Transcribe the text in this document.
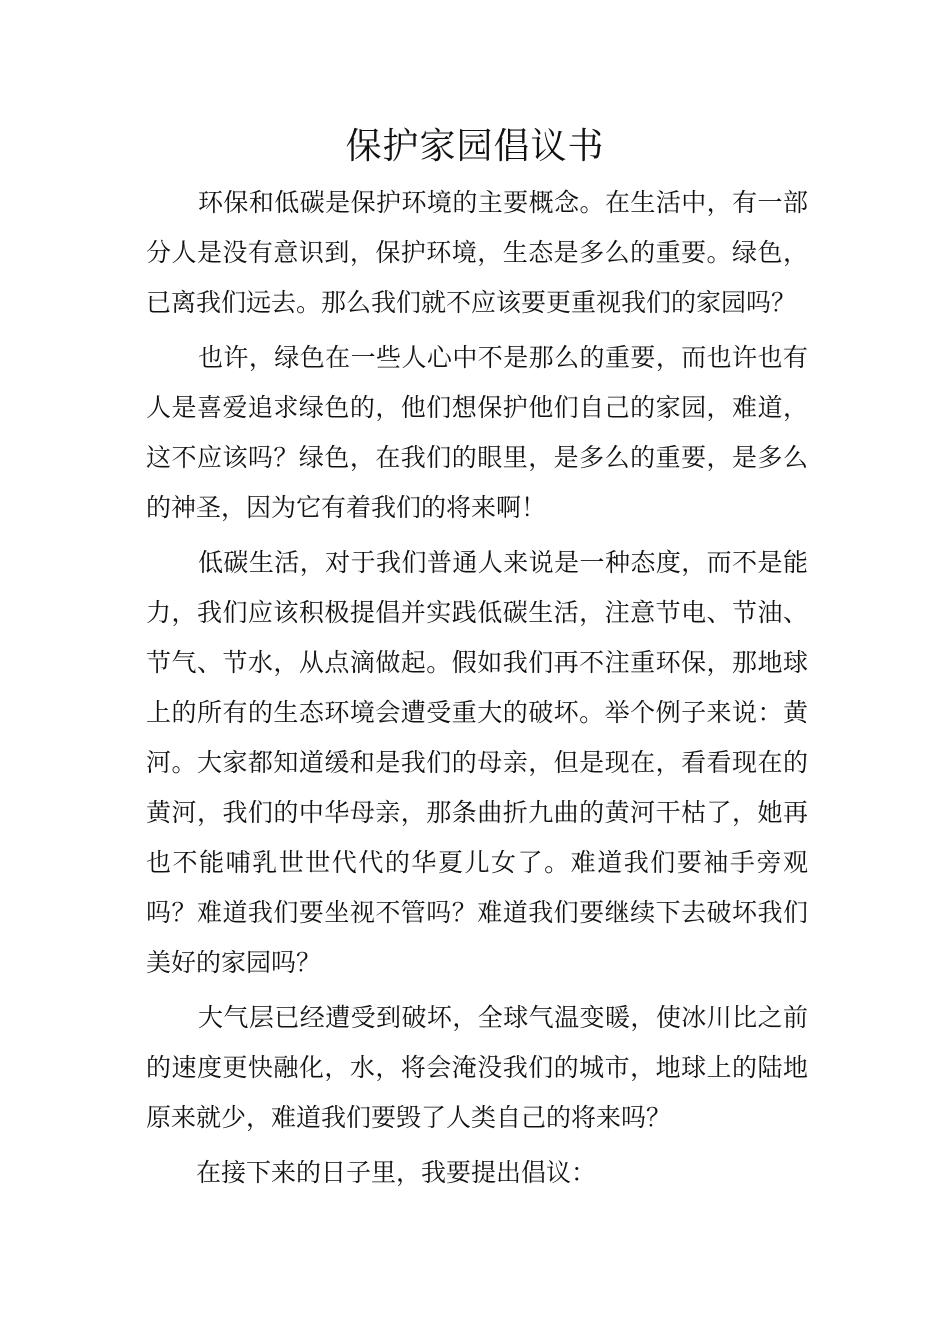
保护家园倡议书

环保和低碳是保护环境的主要概念。在生活中，有一部分人是没有意识到，保护环境，生态是多么的重要。绿色，已离我们远去。那么我们就不应该要更重视我们的家园吗？

也许，绿色在一些人心中不是那么的重要，而也许也有人是喜爱追求绿色的，他们想保护他们自己的家园，难道，这不应该吗？绿色，在我们的眼里，是多么的重要，是多么的神圣，因为它有着我们的将来啊！

低碳生活，对于我们普通人来说是一种态度，而不是能力，我们应该积极提倡并实践低碳生活，注意节电、节油、节气、节水，从点滴做起。假如我们再不注重环保，那地球上的所有的生态环境会遭受重大的破坏。举个例子来说：黄河。大家都知道缓和是我们的母亲，但是现在，看看现在的黄河，我们的中华母亲，那条曲折九曲的黄河干枯了，她再也不能哺乳世世代代的华夏儿女了。难道我们要袖手旁观吗？难道我们要坐视不管吗？难道我们要继续下去破坏我们美好的家园吗？

大气层已经遭受到破坏，全球气温变暖，使冰川比之前的速度更快融化，水，将会淹没我们的城市，地球上的陆地原来就少，难道我们要毁了人类自己的将来吗？

在接下来的日子里，我要提出倡议：
